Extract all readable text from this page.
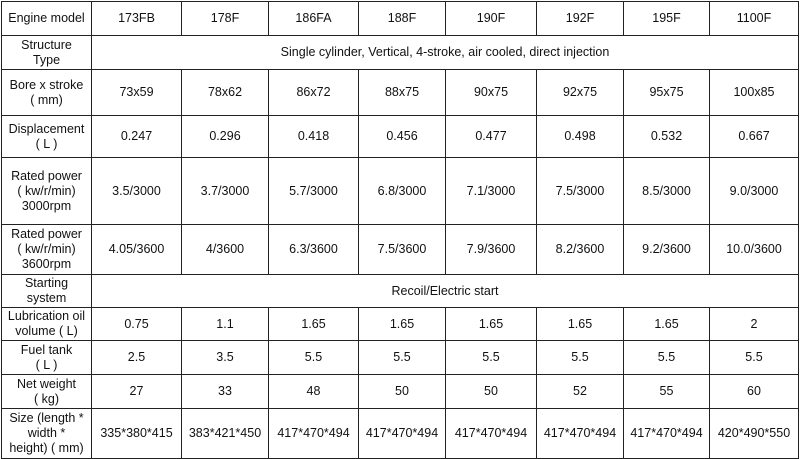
Engine model	173FB	178F	186FA	188F	190F	192F	195F	1100F

Structure
Type	Single cylinder, Vertical, 4-stroke, air cooled, direct injection							

Bore x stroke
( mm)	73x59	78x62	86x72	88x75	90x75	92x75	95x75	100x85

Displacement
( L )	0.247	0.296	0.418	0.456	0.477	0.498	0.532	0.667

Rated power
( kw/r/min)
3000rpm	3.5/3000	3.7/3000	5.7/3000	6.8/3000	7.1/3000	7.5/3000	8.5/3000	9.0/3000

Rated power
( kw/r/min)
3600rpm	4.05/3600	4/3600	6.3/3600	7.5/3600	7.9/3600	8.2/3600	9.2/3600	10.0/3600

Starting
system	Recoil/Electric start							

Lubrication oil
volume ( L)	0.75	1.1	1.65	1.65	1.65	1.65	1.65	2

Fuel tank
( L )	2.5	3.5	5.5	5.5	5.5	5.5	5.5	5.5

Net weight
( kg)	27	33	48	50	50	52	55	60

Size (length *
width *
height) ( mm)	335*380*415	383*421*450	417*470*494	417*470*494	417*470*494	417*470*494	417*470*494	420*490*550
